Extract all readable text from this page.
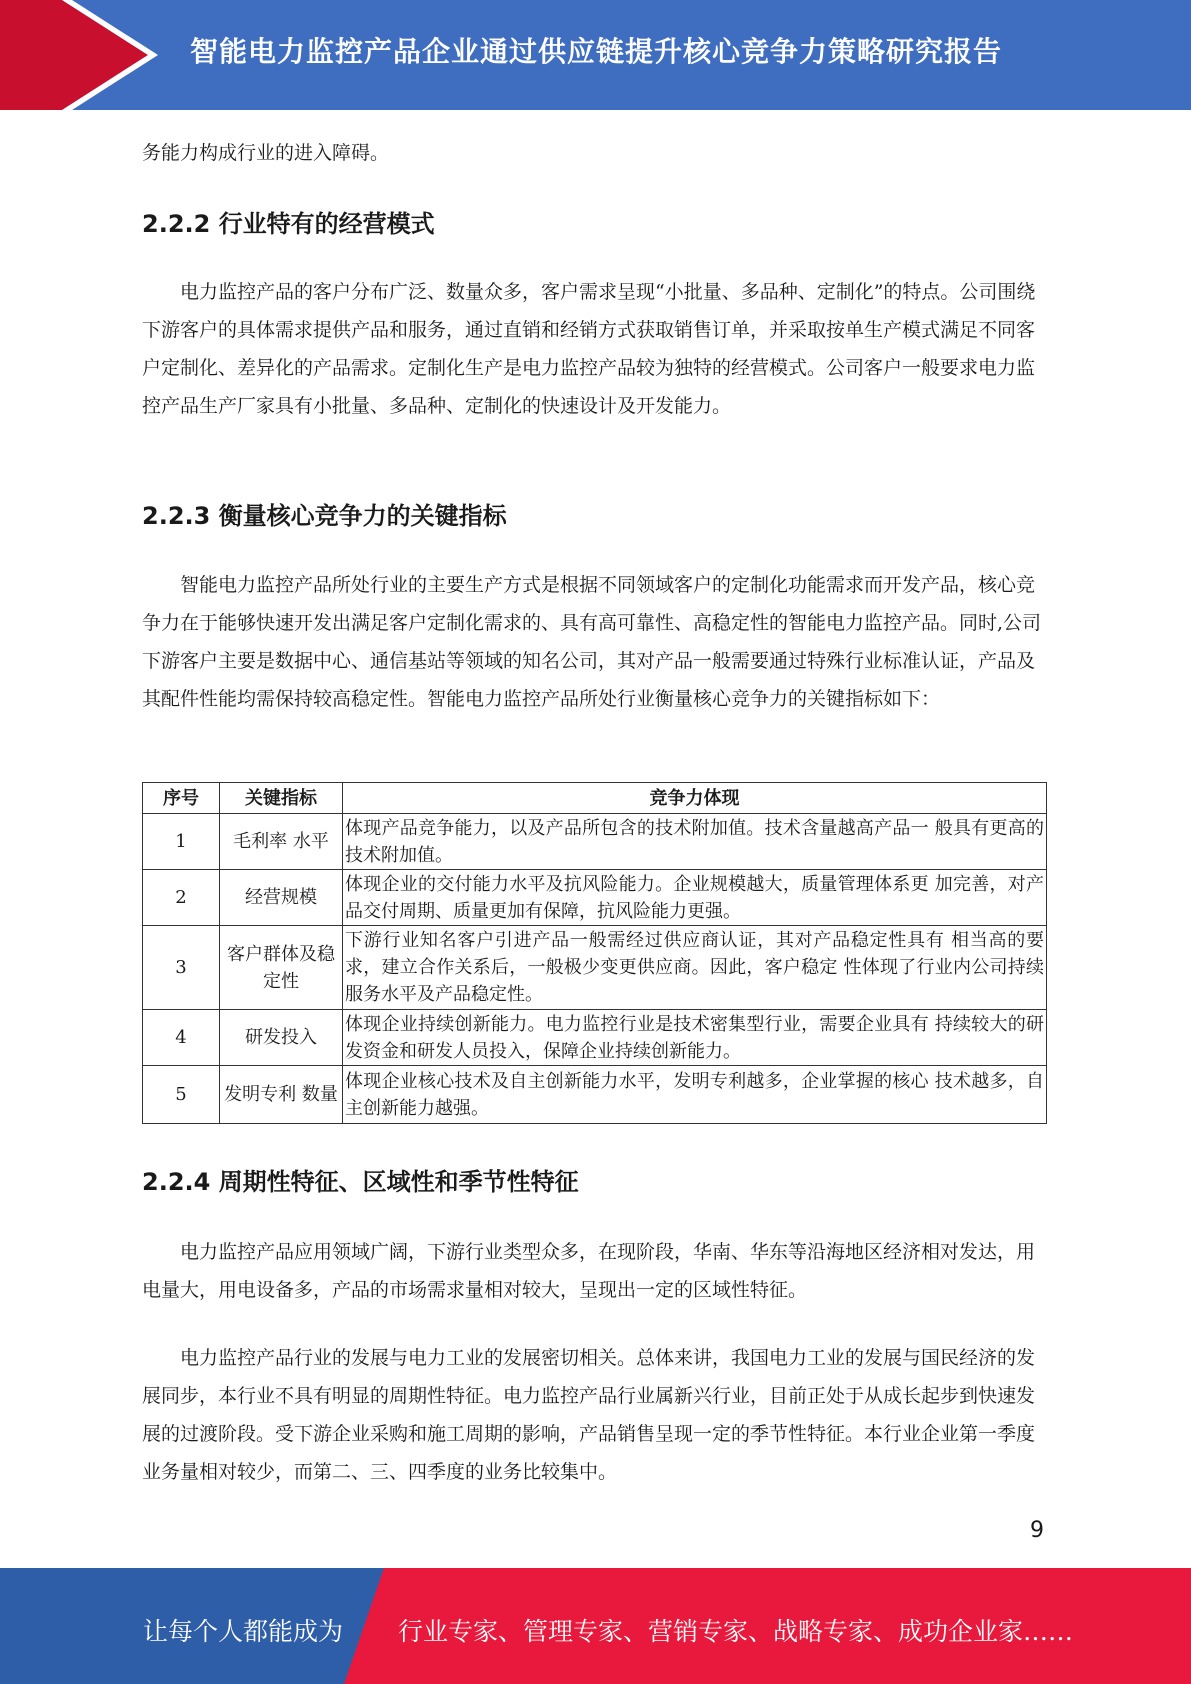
智能电力监控产品企业通过供应链提升核心竞争力策略研究报告

务能力构成行业的进入障碍。

2.2.2 行业特有的经营模式

电力监控产品的客户分布广泛、数量众多，客户需求呈现“小批量、多品种、定制化”的特点。公司围绕下游客户的具体需求提供产品和服务，通过直销和经销方式获取销售订单，并采取按单生产模式满足不同客户定制化、差异化的产品需求。定制化生产是电力监控产品较为独特的经营模式。公司客户一般要求电力监控产品生产厂家具有小批量、多品种、定制化的快速设计及开发能力。

2.2.3 衡量核心竞争力的关键指标

智能电力监控产品所处行业的主要生产方式是根据不同领域客户的定制化功能需求而开发产品，核心竞争力在于能够快速开发出满足客户定制化需求的、具有高可靠性、高稳定性的智能电力监控产品。同时,公司下游客户主要是数据中心、通信基站等领域的知名公司，其对产品一般需要通过特殊行业标准认证，产品及其配件性能均需保持较高稳定性。智能电力监控产品所处行业衡量核心竞争力的关键指标如下：

序号	关键指标	竞争力体现
1	毛利率 水平	体现产品竞争能力，以及产品所包含的技术附加值。技术含量越高产品一 般具有更高的技术附加值。
2	经营规模	体现企业的交付能力水平及抗风险能力。企业规模越大，质量管理体系更 加完善，对产品交付周期、质量更加有保障，抗风险能力更强。
3	客户群体及稳定性	下游行业知名客户引进产品一般需经过供应商认证，其对产品稳定性具有 相当高的要求，建立合作关系后，一般极少变更供应商。因此，客户稳定 性体现了行业内公司持续服务水平及产品稳定性。
4	研发投入	体现企业持续创新能力。电力监控行业是技术密集型行业，需要企业具有 持续较大的研发资金和研发人员投入，保障企业持续创新能力。
5	发明专利 数量	体现企业核心技术及自主创新能力水平，发明专利越多，企业掌握的核心 技术越多，自主创新能力越强。
2.2.4 周期性特征、区域性和季节性特征

电力监控产品应用领域广阔，下游行业类型众多，在现阶段，华南、华东等沿海地区经济相对发达，用电量大，用电设备多，产品的市场需求量相对较大，呈现出一定的区域性特征。

电力监控产品行业的发展与电力工业的发展密切相关。总体来讲，我国电力工业的发展与国民经济的发展同步，本行业不具有明显的周期性特征。电力监控产品行业属新兴行业，目前正处于从成长起步到快速发展的过渡阶段。受下游企业采购和施工周期的影响，产品销售呈现一定的季节性特征。本行业企业第一季度业务量相对较少，而第二、三、四季度的业务比较集中。

9
让每个人都能成为 行业专家、管理专家、营销专家、战略专家、成功企业家……
